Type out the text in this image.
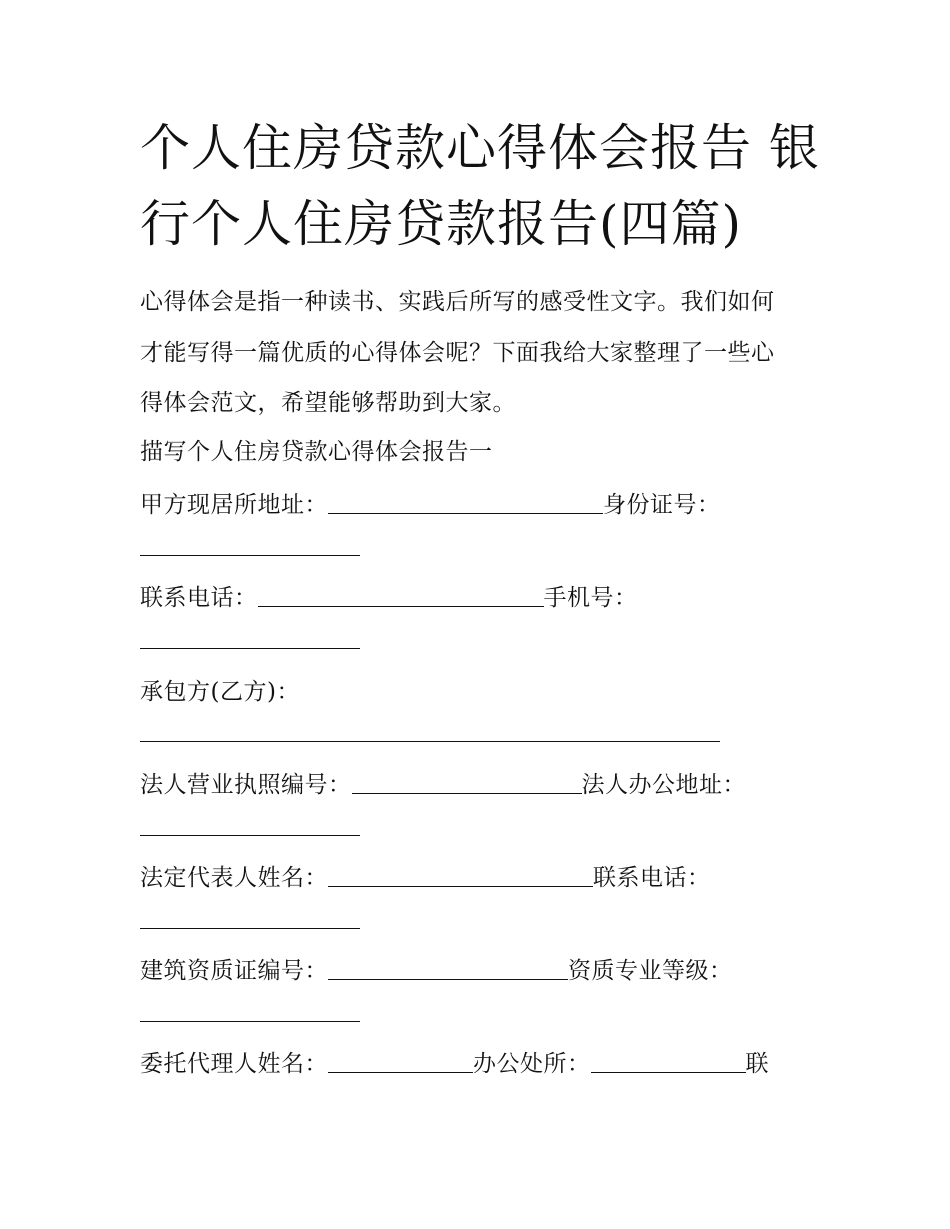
个人住房贷款心得体会报告 银行个人住房贷款报告(四篇)
心得体会是指一种读书、实践后所写的感受性文字。我们如何
才能写得一篇优质的心得体会呢？下面我给大家整理了一些心
得体会范文，希望能够帮助到大家。
描写个人住房贷款心得体会报告一
甲方现居所地址：	身份证号：
联系电话：	手机号：
承包方(乙方)：
法人营业执照编号：	法人办公地址：
法定代表人姓名：	联系电话：
建筑资质证编号：	资质专业等级：
委托代理人姓名：	办公处所：	联
